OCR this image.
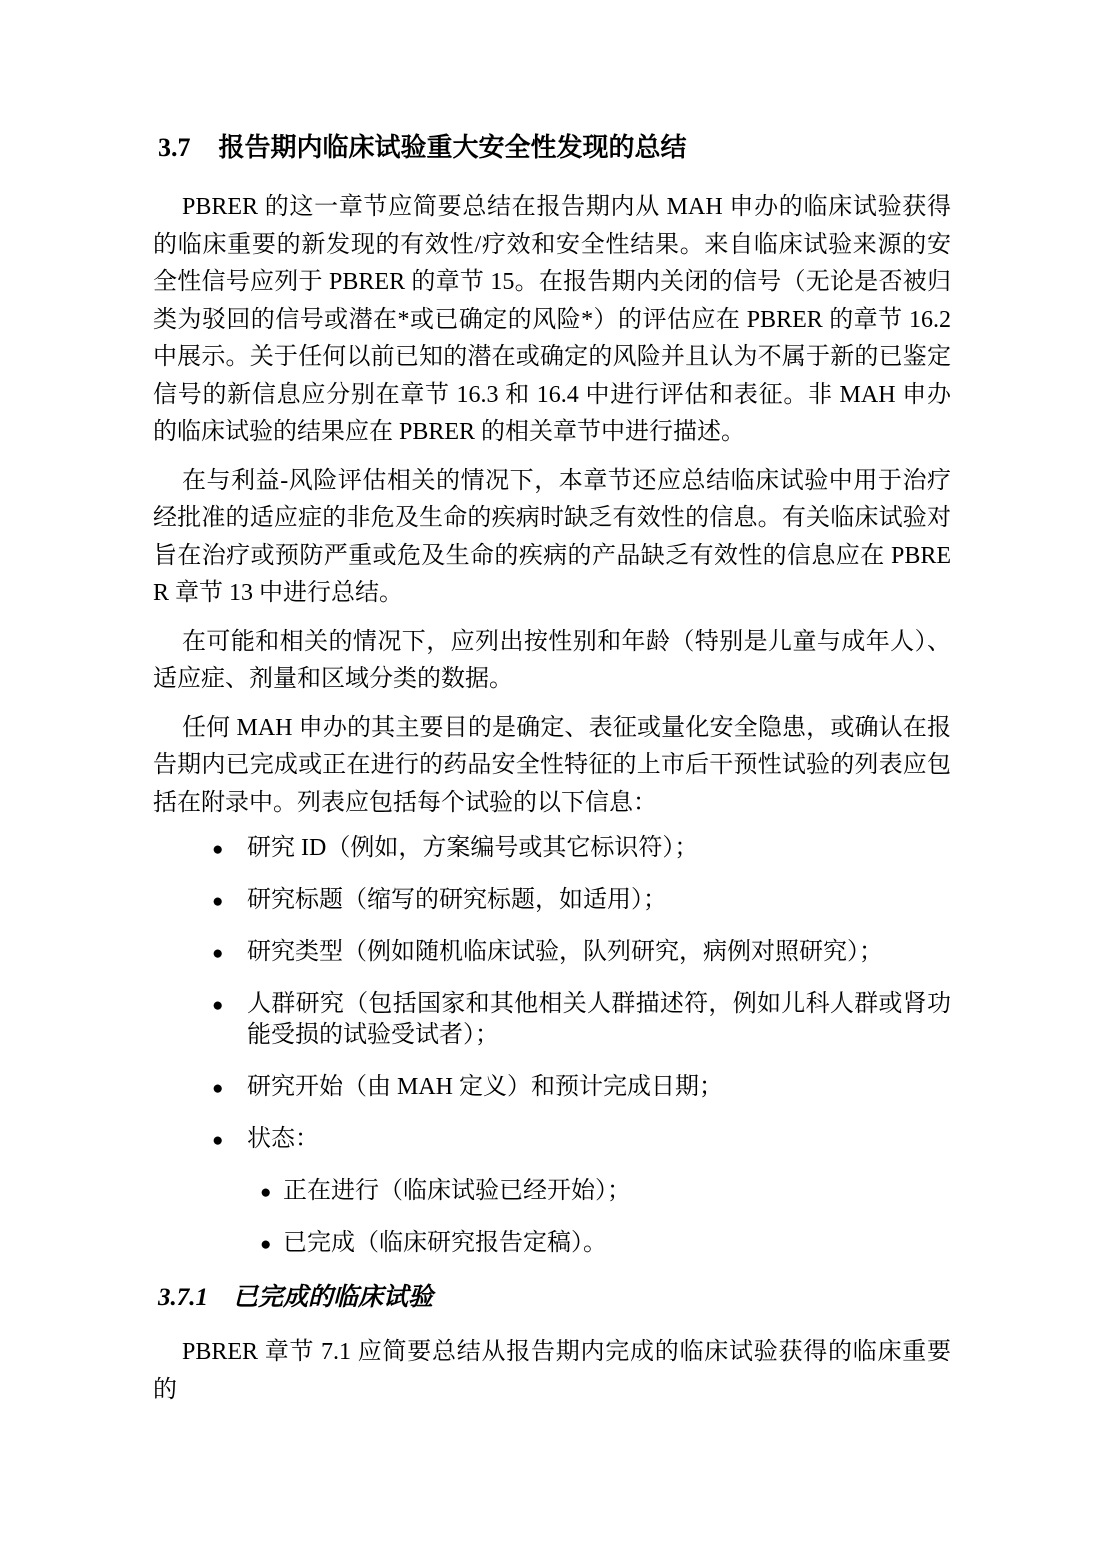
3.7 报告期内临床试验重大安全性发现的总结

PBRER 的这一章节应简要总结在报告期内从 MAH 申办的临床试验获得的临床重要的新发现的有效性/疗效和安全性结果。来自临床试验来源的安全性信号应列于 PBRER 的章节 15。在报告期内关闭的信号（无论是否被归类为驳回的信号或潜在*或已确定的风险*）的评估应在 PBRER 的章节 16.2 中展示。关于任何以前已知的潜在或确定的风险并且认为不属于新的已鉴定信号的新信息应分别在章节 16.3 和 16.4 中进行评估和表征。非 MAH 申办的临床试验的结果应在 PBRER 的相关章节中进行描述。

在与利益-风险评估相关的情况下，本章节还应总结临床试验中用于治疗经批准的适应症的非危及生命的疾病时缺乏有效性的信息。有关临床试验对旨在治疗或预防严重或危及生命的疾病的产品缺乏有效性的信息应在 PBRER 章节 13 中进行总结。

在可能和相关的情况下，应列出按性别和年龄（特别是儿童与成年人）、适应症、剂量和区域分类的数据。

任何 MAH 申办的其主要目的是确定、表征或量化安全隐患，或确认在报告期内已完成或正在进行的药品安全性特征的上市后干预性试验的列表应包括在附录中。列表应包括每个试验的以下信息：

● 研究 ID（例如，方案编号或其它标识符）；
● 研究标题（缩写的研究标题，如适用）；
● 研究类型（例如随机临床试验，队列研究，病例对照研究）；
● 人群研究（包括国家和其他相关人群描述符，例如儿科人群或肾功能受损的试验受试者）；
● 研究开始（由 MAH 定义）和预计完成日期；
● 状态：
● 正在进行（临床试验已经开始）；
● 已完成（临床研究报告定稿）。
3.7.1 已完成的临床试验

PBRER 章节 7.1 应简要总结从报告期内完成的临床试验获得的临床重要的
